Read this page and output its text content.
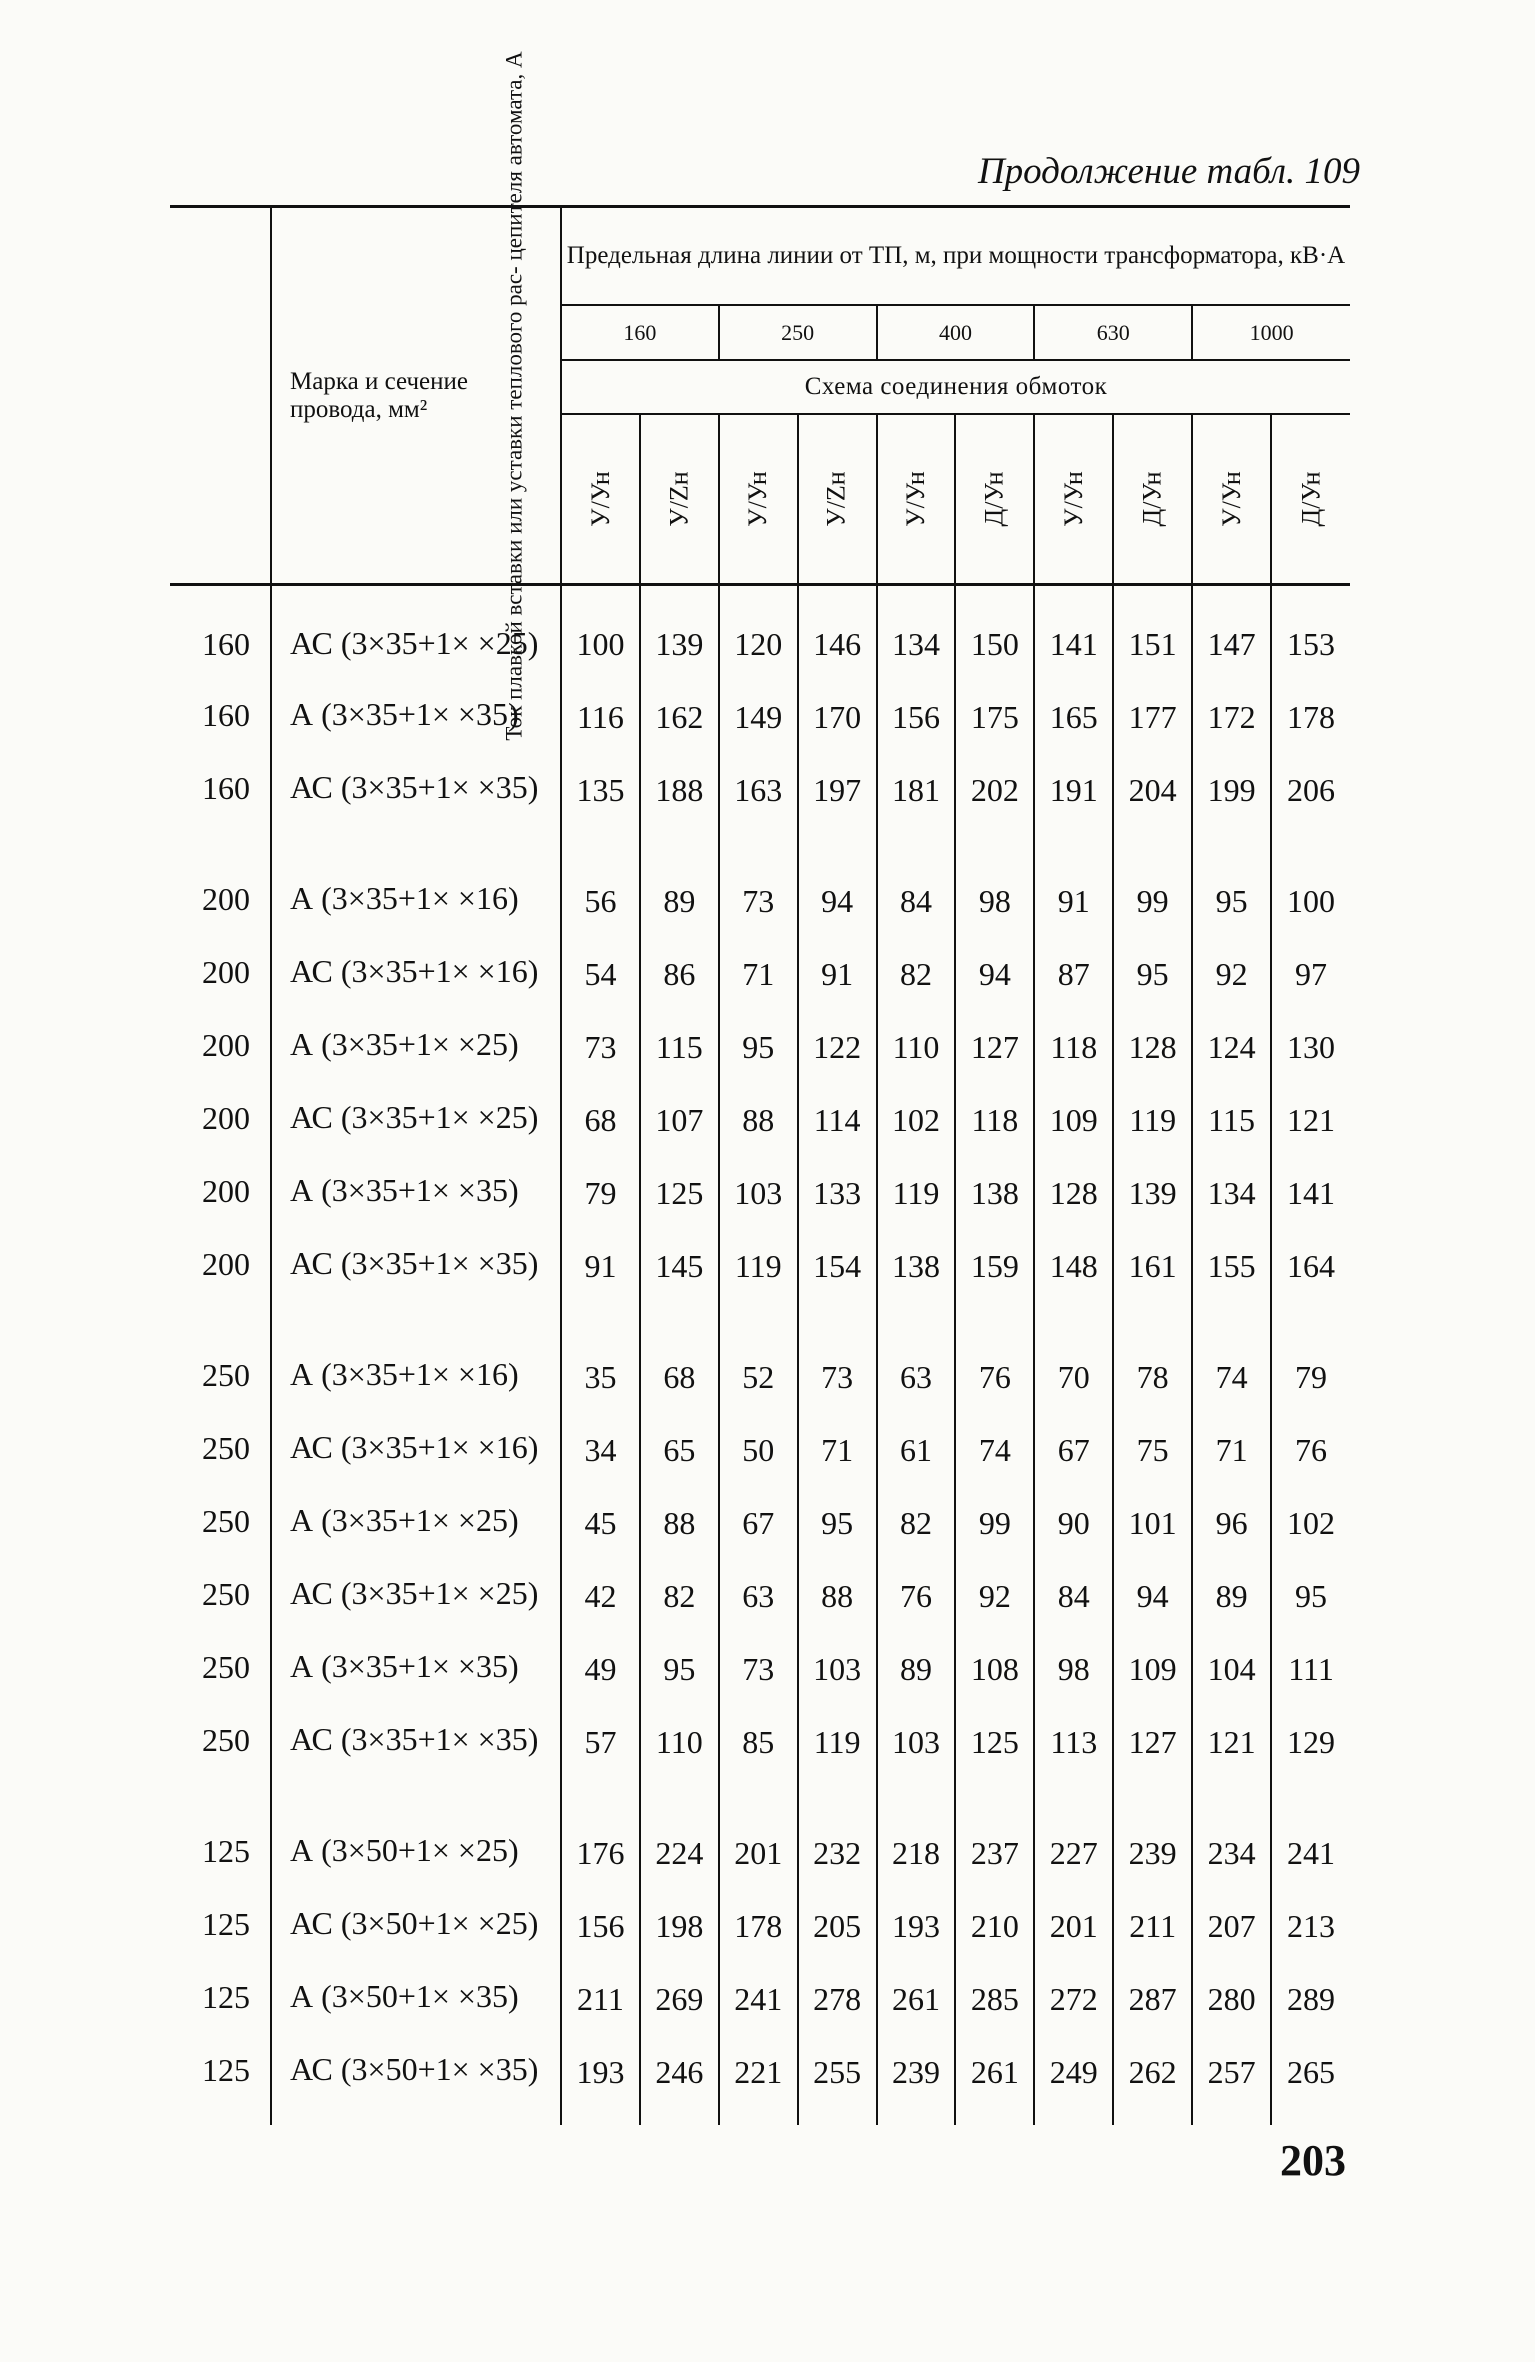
Продолжение табл. 109
Ток плавкой вставки или уставки теплового рас- цепителя автомата, А	Марка и сечение провода, мм²	Предельная длина линии от ТП, м, при мощности трансформатора, кВ·А									
		160		250		400		630		1000	
		Схема соединения обмоток									
		У/Ун	У/Zн	У/Ун	У/Zн	У/Ун	Д/Ун	У/Ун	Д/Ун	У/Ун	Д/Ун
160	АС (3×35+1× ×25)	100	139	120	146	134	150	141	151	147	153
160	А (3×35+1× ×35)	116	162	149	170	156	175	165	177	172	178
160	АС (3×35+1× ×35)	135	188	163	197	181	202	191	204	199	206

200	А (3×35+1× ×16)	56	89	73	94	84	98	91	99	95	100
200	АС (3×35+1× ×16)	54	86	71	91	82	94	87	95	92	97
200	А (3×35+1× ×25)	73	115	95	122	110	127	118	128	124	130
200	АС (3×35+1× ×25)	68	107	88	114	102	118	109	119	115	121
200	А (3×35+1× ×35)	79	125	103	133	119	138	128	139	134	141
200	АС (3×35+1× ×35)	91	145	119	154	138	159	148	161	155	164

250	А (3×35+1× ×16)	35	68	52	73	63	76	70	78	74	79
250	АС (3×35+1× ×16)	34	65	50	71	61	74	67	75	71	76
250	А (3×35+1× ×25)	45	88	67	95	82	99	90	101	96	102
250	АС (3×35+1× ×25)	42	82	63	88	76	92	84	94	89	95
250	А (3×35+1× ×35)	49	95	73	103	89	108	98	109	104	111
250	АС (3×35+1× ×35)	57	110	85	119	103	125	113	127	121	129

125	А (3×50+1× ×25)	176	224	201	232	218	237	227	239	234	241
125	АС (3×50+1× ×25)	156	198	178	205	193	210	201	211	207	213
125	А (3×50+1× ×35)	211	269	241	278	261	285	272	287	280	289
125	АС (3×50+1× ×35)	193	246	221	255	239	261	249	262	257	265
203
